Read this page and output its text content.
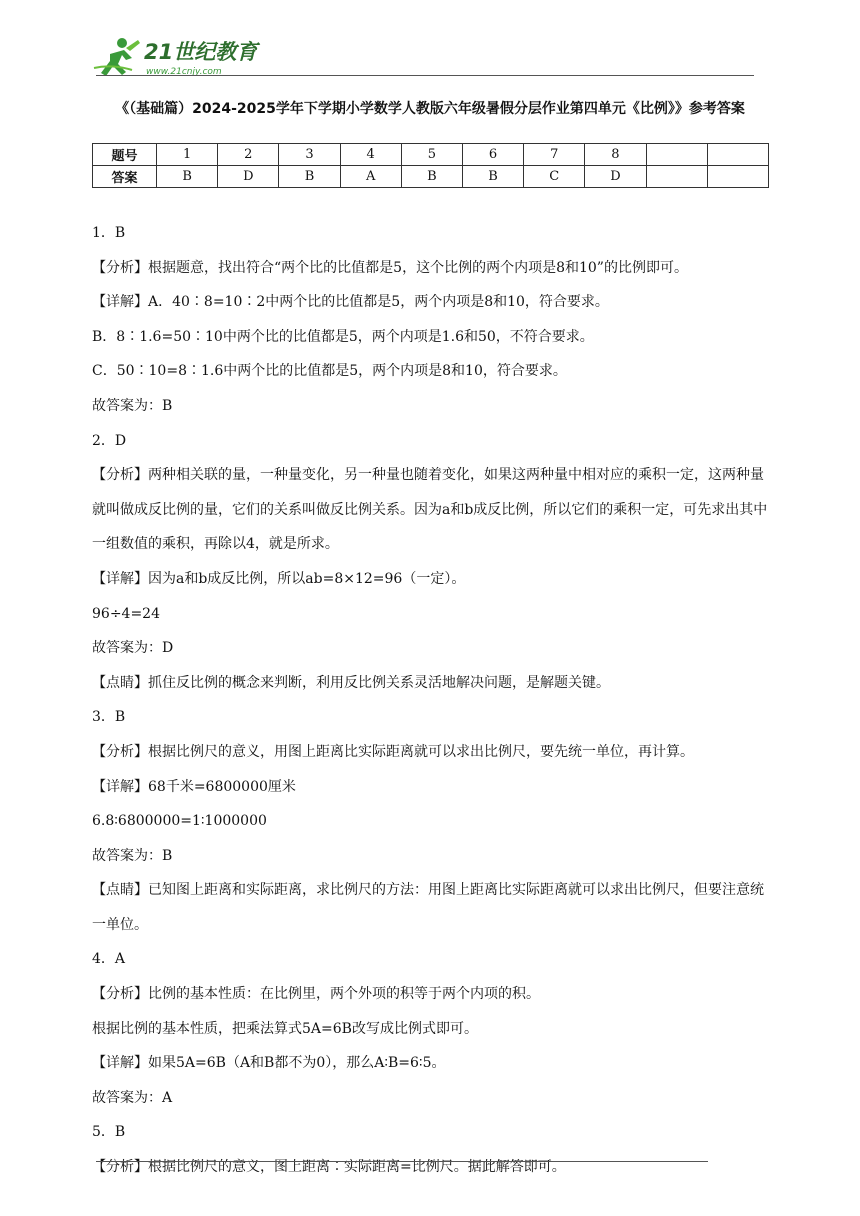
21世纪教育
www.21cnjy.com
《（基础篇）2024-2025学年下学期小学数学人教版六年级暑假分层作业第四单元《比例》》参考答案
题号	1	2	3	4	5	6	7	8		
答案	B	D	B	A	B	B	C	D		

1．B

【分析】根据题意，找出符合“两个比的比值都是5，这个比例的两个内项是8和10”的比例即可。

【详解】A．40∶8=10∶2中两个比的比值都是5，两个内项是8和10，符合要求。

B．8∶1.6=50∶10中两个比的比值都是5，两个内项是1.6和50，不符合要求。

C．50∶10=8∶1.6中两个比的比值都是5，两个内项是8和10，符合要求。

故答案为：B

2．D

【分析】两种相关联的量，一种量变化，另一种量也随着变化，如果这两种量中相对应的乘积一定，这两种量就叫做成反比例的量，它们的关系叫做反比例关系。因为a和b成反比例，所以它们的乘积一定，可先求出其中一组数值的乘积，再除以4，就是所求。

【详解】因为a和b成反比例，所以ab=8×12=96（一定）。

96÷4=24

故答案为：D

【点睛】抓住反比例的概念来判断，利用反比例关系灵活地解决问题，是解题关键。

3．B

【分析】根据比例尺的意义，用图上距离比实际距离就可以求出比例尺，要先统一单位，再计算。

【详解】68千米=6800000厘米

6.8∶6800000=1∶1000000

故答案为：B

【点睛】已知图上距离和实际距离，求比例尺的方法：用图上距离比实际距离就可以求出比例尺，但要注意统一单位。

4．A

【分析】比例的基本性质：在比例里，两个外项的积等于两个内项的积。

根据比例的基本性质，把乘法算式5A=6B改写成比例式即可。

【详解】如果5A=6B（A和B都不为0），那么A∶B=6∶5。

故答案为：A

5．B

【分析】根据比例尺的意义，图上距离∶实际距离=比例尺。据此解答即可。
